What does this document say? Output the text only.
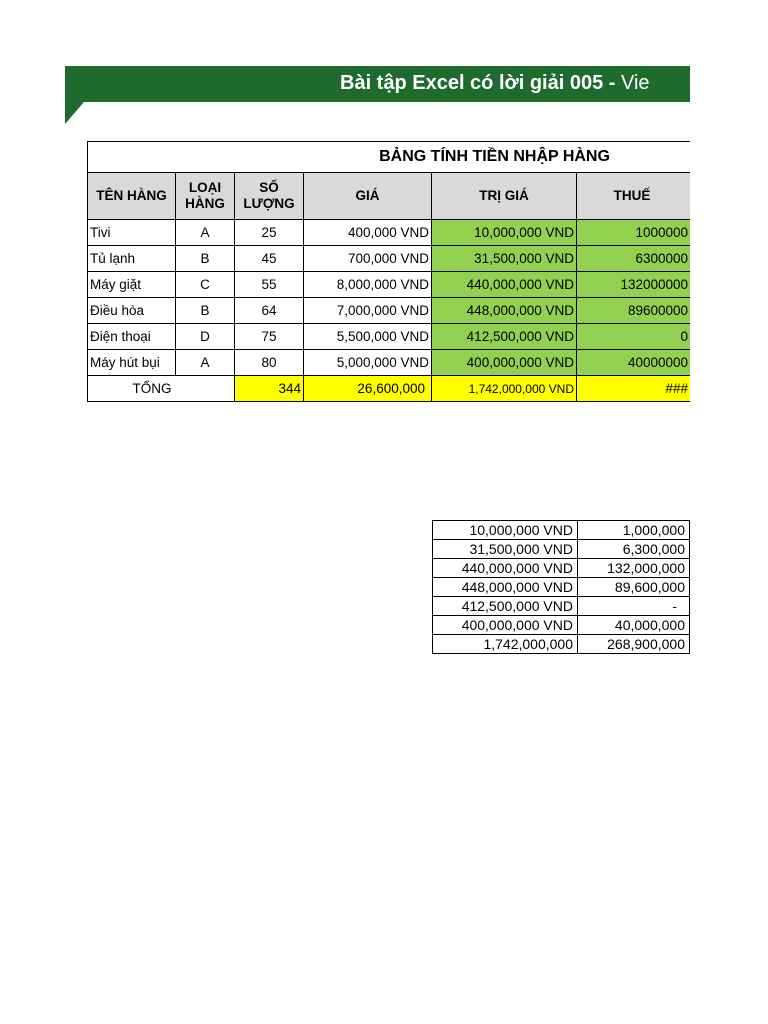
Bài tập Excel có lời giải 005 - Vie
BẢNG TÍNH TIỀN NHẬP HÀNG					
TÊN HÀNG	LOẠI HÀNG	SỐ LƯỢNG	GIÁ	TRỊ GIÁ	THUẾ
Tivi	A	25	400,000 VND	10,000,000 VND	1000000
Tủ lạnh	B	45	700,000 VND	31,500,000 VND	6300000
Máy giặt	C	55	8,000,000 VND	440,000,000 VND	132000000
Điều hòa	B	64	7,000,000 VND	448,000,000 VND	89600000
Điện thoại	D	75	5,500,000 VND	412,500,000 VND	0
Máy hút bụi	A	80	5,000,000 VND	400,000,000 VND	40000000
TỔNG		344	26,600,000	1,742,000,000 VND	###
10,000,000 VND	1,000,000
31,500,000 VND	6,300,000
440,000,000 VND	132,000,000
448,000,000 VND	89,600,000
412,500,000 VND	-
400,000,000 VND	40,000,000
1,742,000,000	268,900,000
